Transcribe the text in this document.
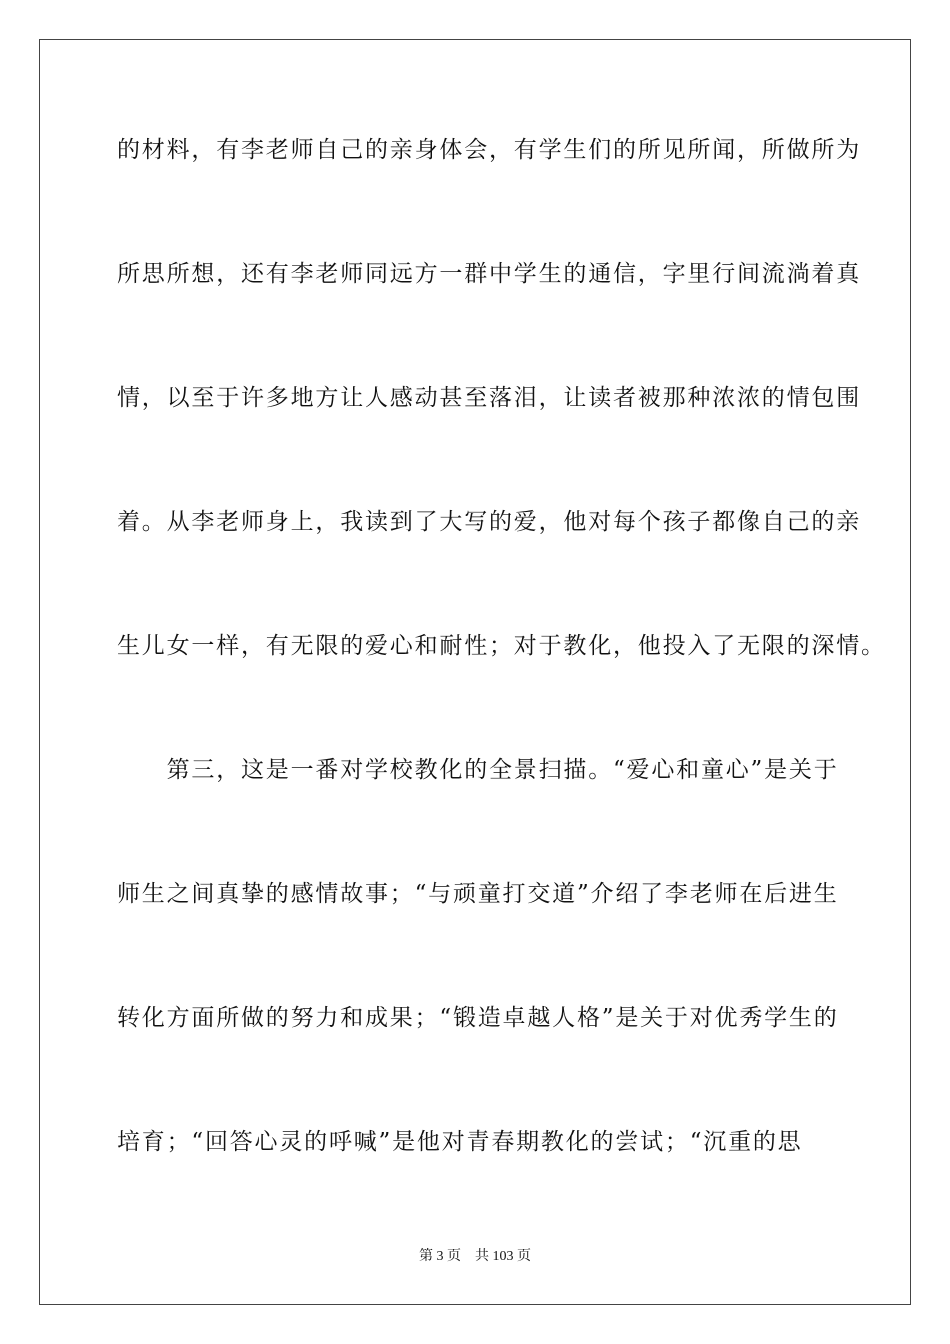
的材料，有李老师自己的亲身体会，有学生们的所见所闻，所做所为
所思所想，还有李老师同远方一群中学生的通信，字里行间流淌着真
情，以至于许多地方让人感动甚至落泪，让读者被那种浓浓的情包围
着。从李老师身上，我读到了大写的爱，他对每个孩子都像自己的亲
生儿女一样，有无限的爱心和耐性；对于教化，他投入了无限的深情。
　　第三，这是一番对学校教化的全景扫描。“爱心和童心”是关于
师生之间真挚的感情故事；“与顽童打交道”介绍了李老师在后进生
转化方面所做的努力和成果；“锻造卓越人格”是关于对优秀学生的
培育；“回答心灵的呼喊”是他对青春期教化的尝试；“沉重的思
第 3 页 共 103 页
